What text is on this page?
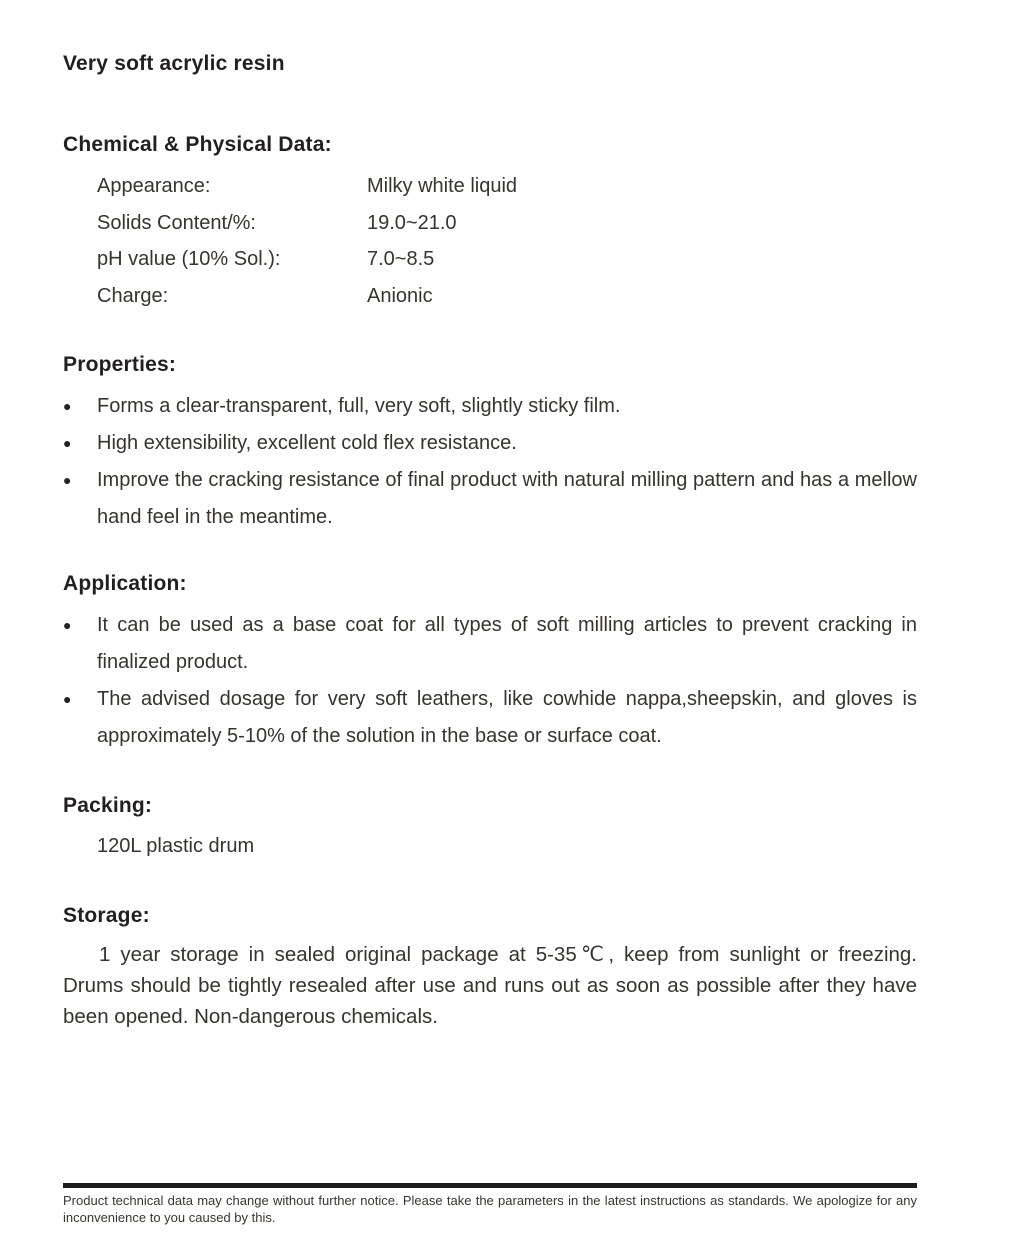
Very soft acrylic resin
Chemical & Physical Data:
Appearance:	Milky white liquid
Solids Content/%:	19.0~21.0
pH value (10% Sol.):	7.0~8.5
Charge:	Anionic
Properties:
●	Forms a clear-transparent, full, very soft, slightly sticky film.
●	High extensibility, excellent cold flex resistance.
●	Improve the cracking resistance of final product with natural milling pattern and has a mellow hand feel in the meantime.
Application:
●	It can be used as a base coat for all types of soft milling articles to prevent cracking in finalized product.
●	The advised dosage for very soft leathers, like cowhide nappa,sheepskin, and gloves is approximately 5-10% of the solution in the base or surface coat.
Packing:
120L plastic drum
Storage:

1 year storage in sealed original package at 5-35℃, keep from sunlight or freezing. Drums should be tightly resealed after use and runs out as soon as possible after they have been opened. Non-dangerous chemicals.

Product technical data may change without further notice. Please take the parameters in the latest instructions as standards. We apologize for any inconvenience to you caused by this.
